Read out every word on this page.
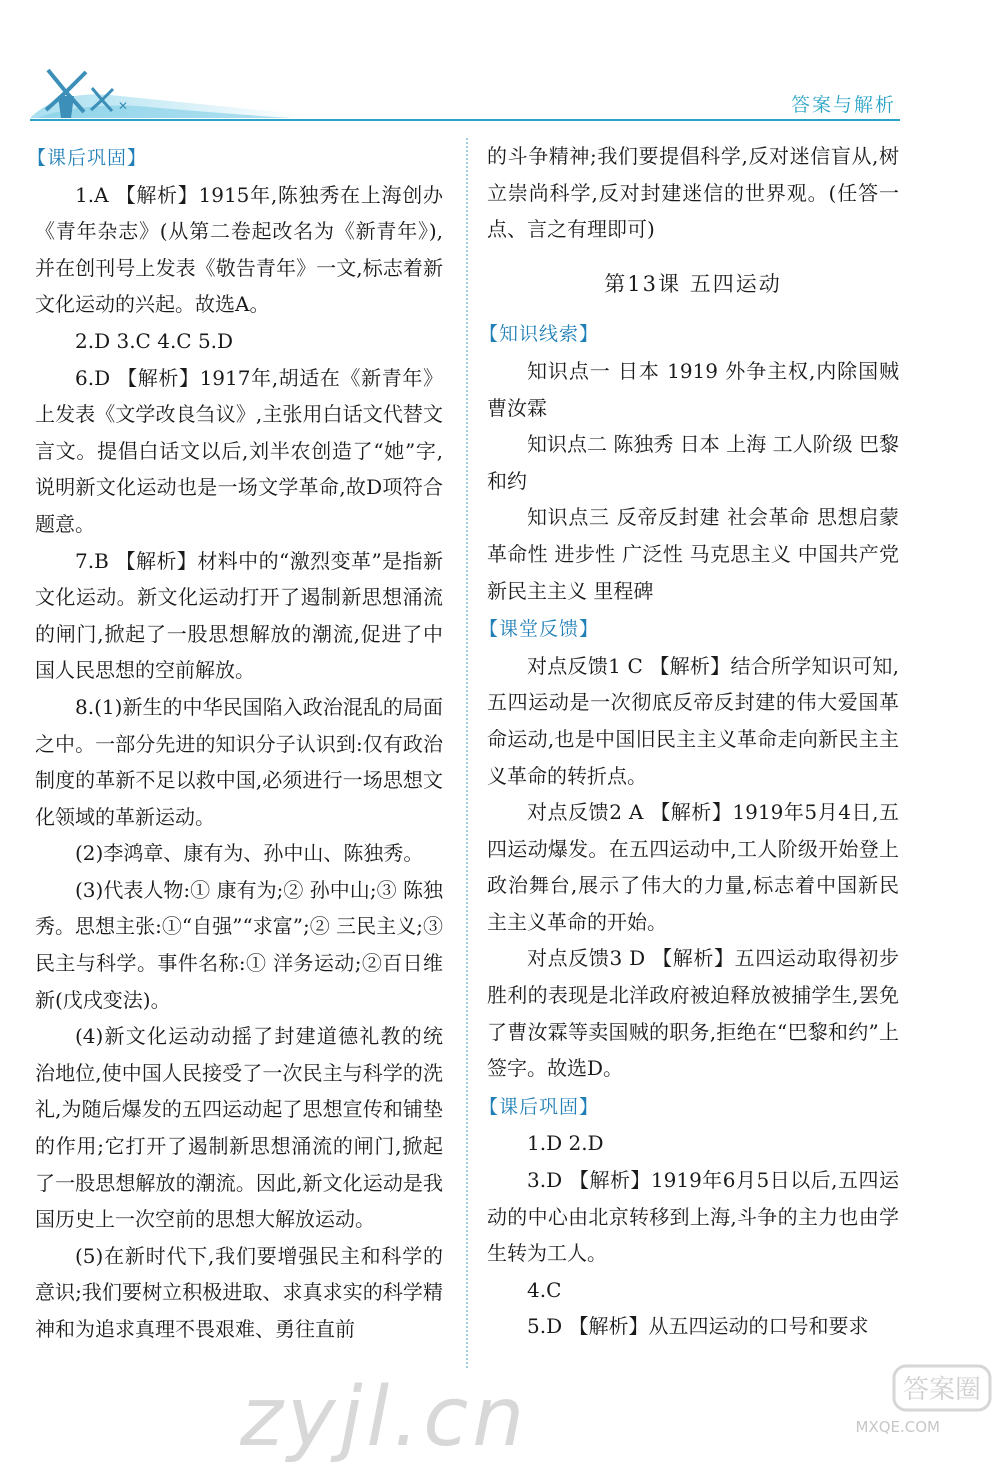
✕	答案与解析
【课后巩固】

1.A 【解析】1915年,陈独秀在上海创办《青年杂志》(从第二卷起改名为《新青年》),并在创刊号上发表《敬告青年》一文,标志着新文化运动的兴起。故选A。

2.D 3.C 4.C 5.D

6.D 【解析】1917年,胡适在《新青年》上发表《文学改良刍议》,主张用白话文代替文言文。提倡白话文以后,刘半农创造了“她”字,说明新文化运动也是一场文学革命,故D项符合题意。

7.B 【解析】材料中的“激烈变革”是指新文化运动。新文化运动打开了遏制新思想涌流的闸门,掀起了一股思想解放的潮流,促进了中国人民思想的空前解放。

8.(1)新生的中华民国陷入政治混乱的局面之中。一部分先进的知识分子认识到:仅有政治制度的革新不足以救中国,必须进行一场思想文化领域的革新运动。

(2)李鸿章、康有为、孙中山、陈独秀。

(3)代表人物:① 康有为;② 孙中山;③ 陈独秀。思想主张:①“自强”“求富”;② 三民主义;③ 民主与科学。事件名称:① 洋务运动;②百日维新(戊戌变法)。

(4)新文化运动动摇了封建道德礼教的统治地位,使中国人民接受了一次民主与科学的洗礼,为随后爆发的五四运动起了思想宣传和铺垫的作用;它打开了遏制新思想涌流的闸门,掀起了一股思想解放的潮流。因此,新文化运动是我国历史上一次空前的思想大解放运动。

(5)在新时代下,我们要增强民主和科学的意识;我们要树立积极进取、求真求实的科学精神和为追求真理不畏艰难、勇往直前

的斗争精神;我们要提倡科学,反对迷信盲从,树立崇尚科学,反对封建迷信的世界观。(任答一点、言之有理即可)

第13课 五四运动
【知识线索】

知识点一 日本 1919 外争主权,内除国贼 曹汝霖

知识点二 陈独秀 日本 上海 工人阶级 巴黎和约

知识点三 反帝反封建 社会革命 思想启蒙 革命性 进步性 广泛性 马克思主义 中国共产党 新民主主义 里程碑

【课堂反馈】

对点反馈1 C 【解析】结合所学知识可知,五四运动是一次彻底反帝反封建的伟大爱国革命运动,也是中国旧民主主义革命走向新民主主义革命的转折点。

对点反馈2 A 【解析】1919年5月4日,五四运动爆发。在五四运动中,工人阶级开始登上政治舞台,展示了伟大的力量,标志着中国新民主主义革命的开始。

对点反馈3 D 【解析】五四运动取得初步胜利的表现是北洋政府被迫释放被捕学生,罢免了曹汝霖等卖国贼的职务,拒绝在“巴黎和约”上签字。故选D。

【课后巩固】

1.D 2.D

3.D 【解析】1919年6月5日以后,五四运动的中心由北京转移到上海,斗争的主力也由学生转为工人。

4.C

5.D 【解析】从五四运动的口号和要求

zyjl.cn	答案圈
MXQE.COM
